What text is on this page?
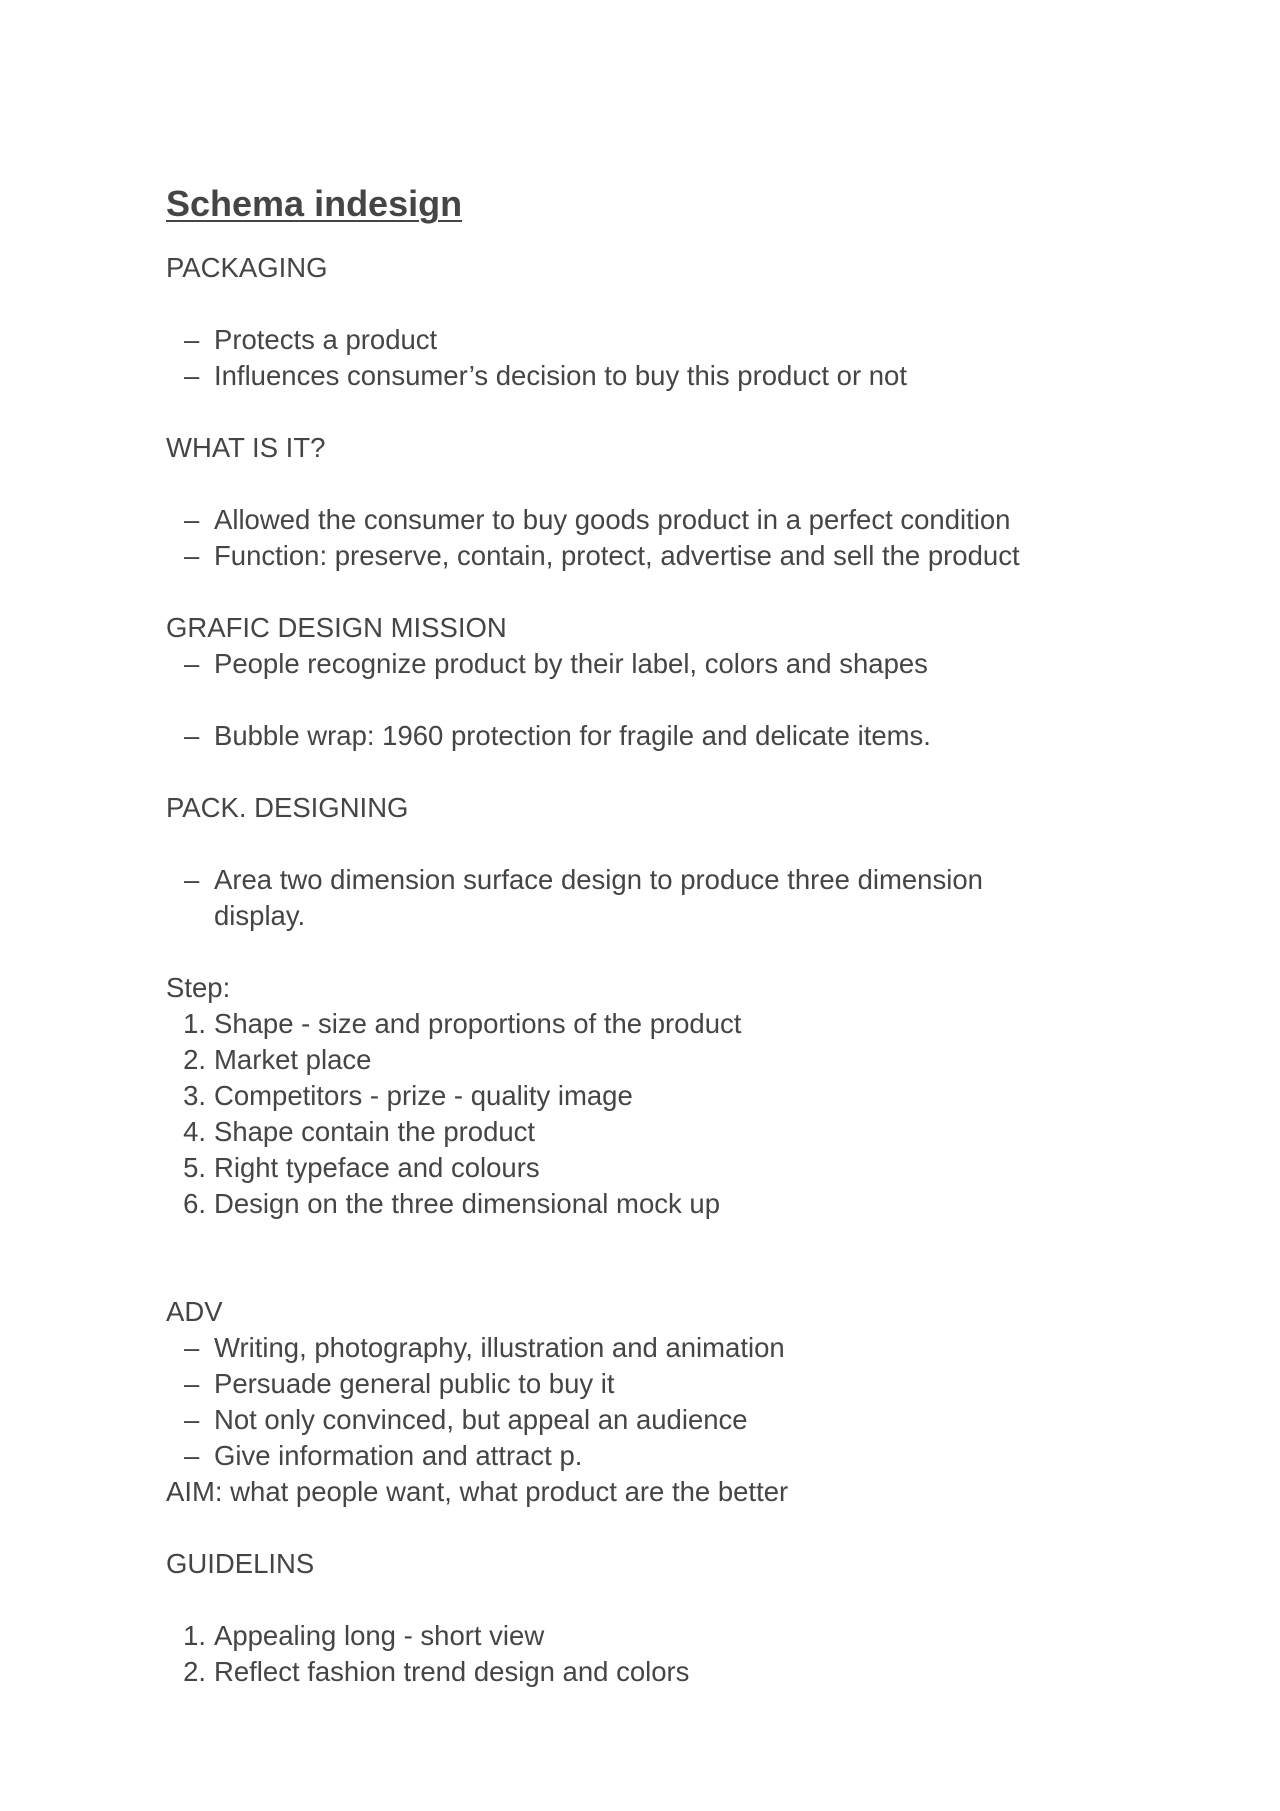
Schema indesign
PACKAGING
– Protects a product
– Influences consumer’s decision to buy this product or not
WHAT IS IT?
– Allowed the consumer to buy goods product in a perfect condition
– Function: preserve, contain, protect, advertise and sell the product
GRAFIC DESIGN MISSION
– People recognize product by their label, colors and shapes
– Bubble wrap: 1960 protection for fragile and delicate items.
PACK. DESIGNING
– Area two dimension surface design to produce three dimension display.
Step:
1. Shape - size and proportions of the product
2. Market place
3. Competitors - prize - quality image
4. Shape contain the product
5. Right typeface and colours
6. Design on the three dimensional mock up
ADV
– Writing, photography, illustration and animation
– Persuade general public to buy it
– Not only convinced, but appeal an audience
– Give information and attract p.
AIM: what people want, what product are the better
GUIDELINS
1. Appealing long - short view
2. Reflect fashion trend design and colors
